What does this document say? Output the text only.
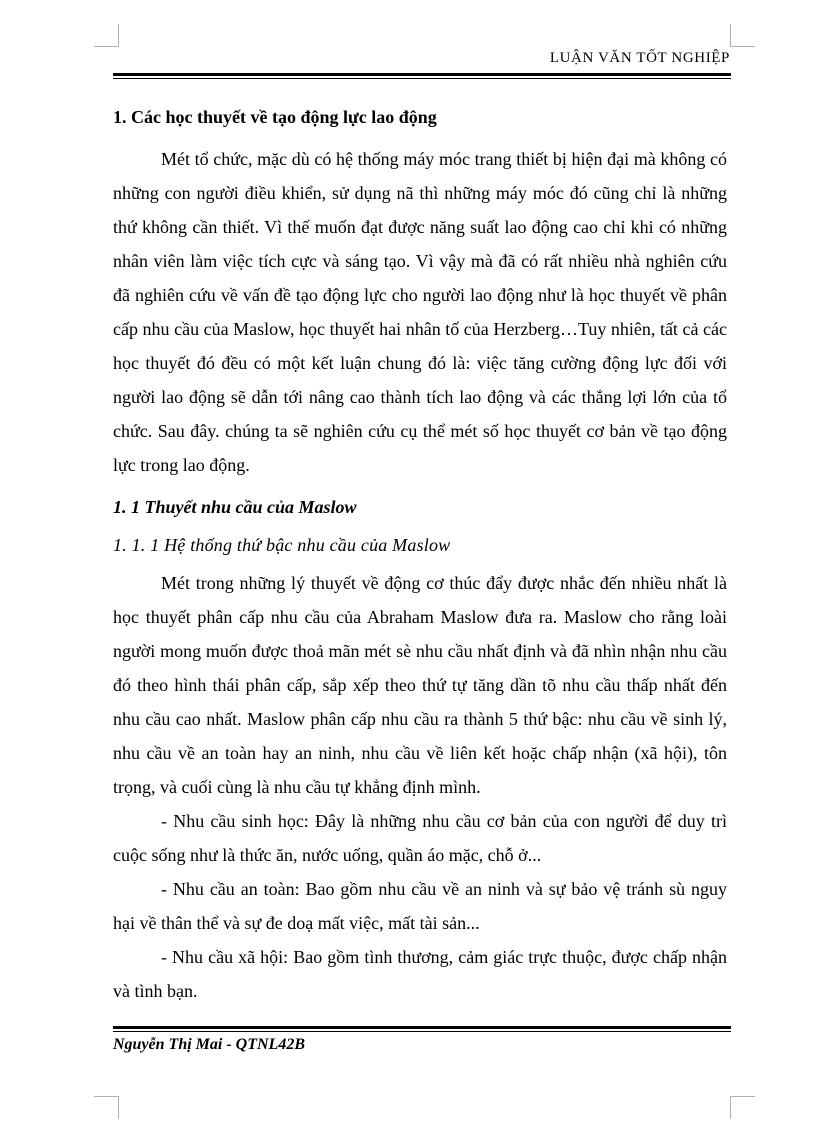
LUẬN VĂN TỐT NGHIỆP

1. Các học thuyết về tạo động lực lao động

Mét tổ chức, mặc dù có hệ thống máy móc trang thiết bị hiện đại mà không có những con người điều khiển, sử dụng nã thì những máy móc đó cũng chỉ là những thứ không cần thiết. Vì thế muốn đạt được năng suất lao động cao chỉ khi có những nhân viên làm việc tích cực và sáng tạo. Vì vậy mà đã có rất nhiều nhà nghiên cứu đã nghiên cứu về vấn đề tạo động lực cho người lao động như là học thuyết về phân cấp nhu cầu của Maslow, học thuyết hai nhân tố của Herzberg…Tuy nhiên, tất cả các học thuyết đó đều có một kết luận chung đó là: việc tăng cường động lực đối với người lao động sẽ dẫn tới nâng cao thành tích lao động và các thắng lợi lớn của tổ chức. Sau đây. chúng ta sẽ nghiên cứu cụ thể mét số học thuyết cơ bản về tạo động lực trong lao động.

1. 1 Thuyết nhu cầu của Maslow

1. 1. 1 Hệ thống thứ bậc nhu cầu của Maslow

Mét trong những lý thuyết về động cơ thúc đẩy được nhắc đến nhiều nhất là học thuyết phân cấp nhu cầu của Abraham Maslow đưa ra. Maslow cho rằng loài người mong muốn được thoả mãn mét sè nhu cầu nhất định và đã nhìn nhận nhu cầu đó theo hình thái phân cấp, sắp xếp theo thứ tự tăng dần tõ nhu cầu thấp nhất đến nhu cầu cao nhất. Maslow phân cấp nhu cầu ra thành 5 thứ bậc: nhu cầu về sinh lý, nhu cầu về an toàn hay an ninh, nhu cầu về liên kết hoặc chấp nhận (xã hội), tôn trọng, và cuối cùng là nhu cầu tự khẳng định mình.

- Nhu cầu sinh học: Đây là những nhu cầu cơ bản của con người để duy trì cuộc sống như là thức ăn, nước uống, quần áo mặc, chỗ ở...

- Nhu cầu an toàn: Bao gồm nhu cầu về an ninh và sự bảo vệ tránh sù nguy hại về thân thể và sự đe doạ mất việc, mất tài sản...

- Nhu cầu xã hội: Bao gồm tình thương, cảm giác trực thuộc, được chấp nhận và tình bạn.

Nguyễn Thị Mai - QTNL42B
